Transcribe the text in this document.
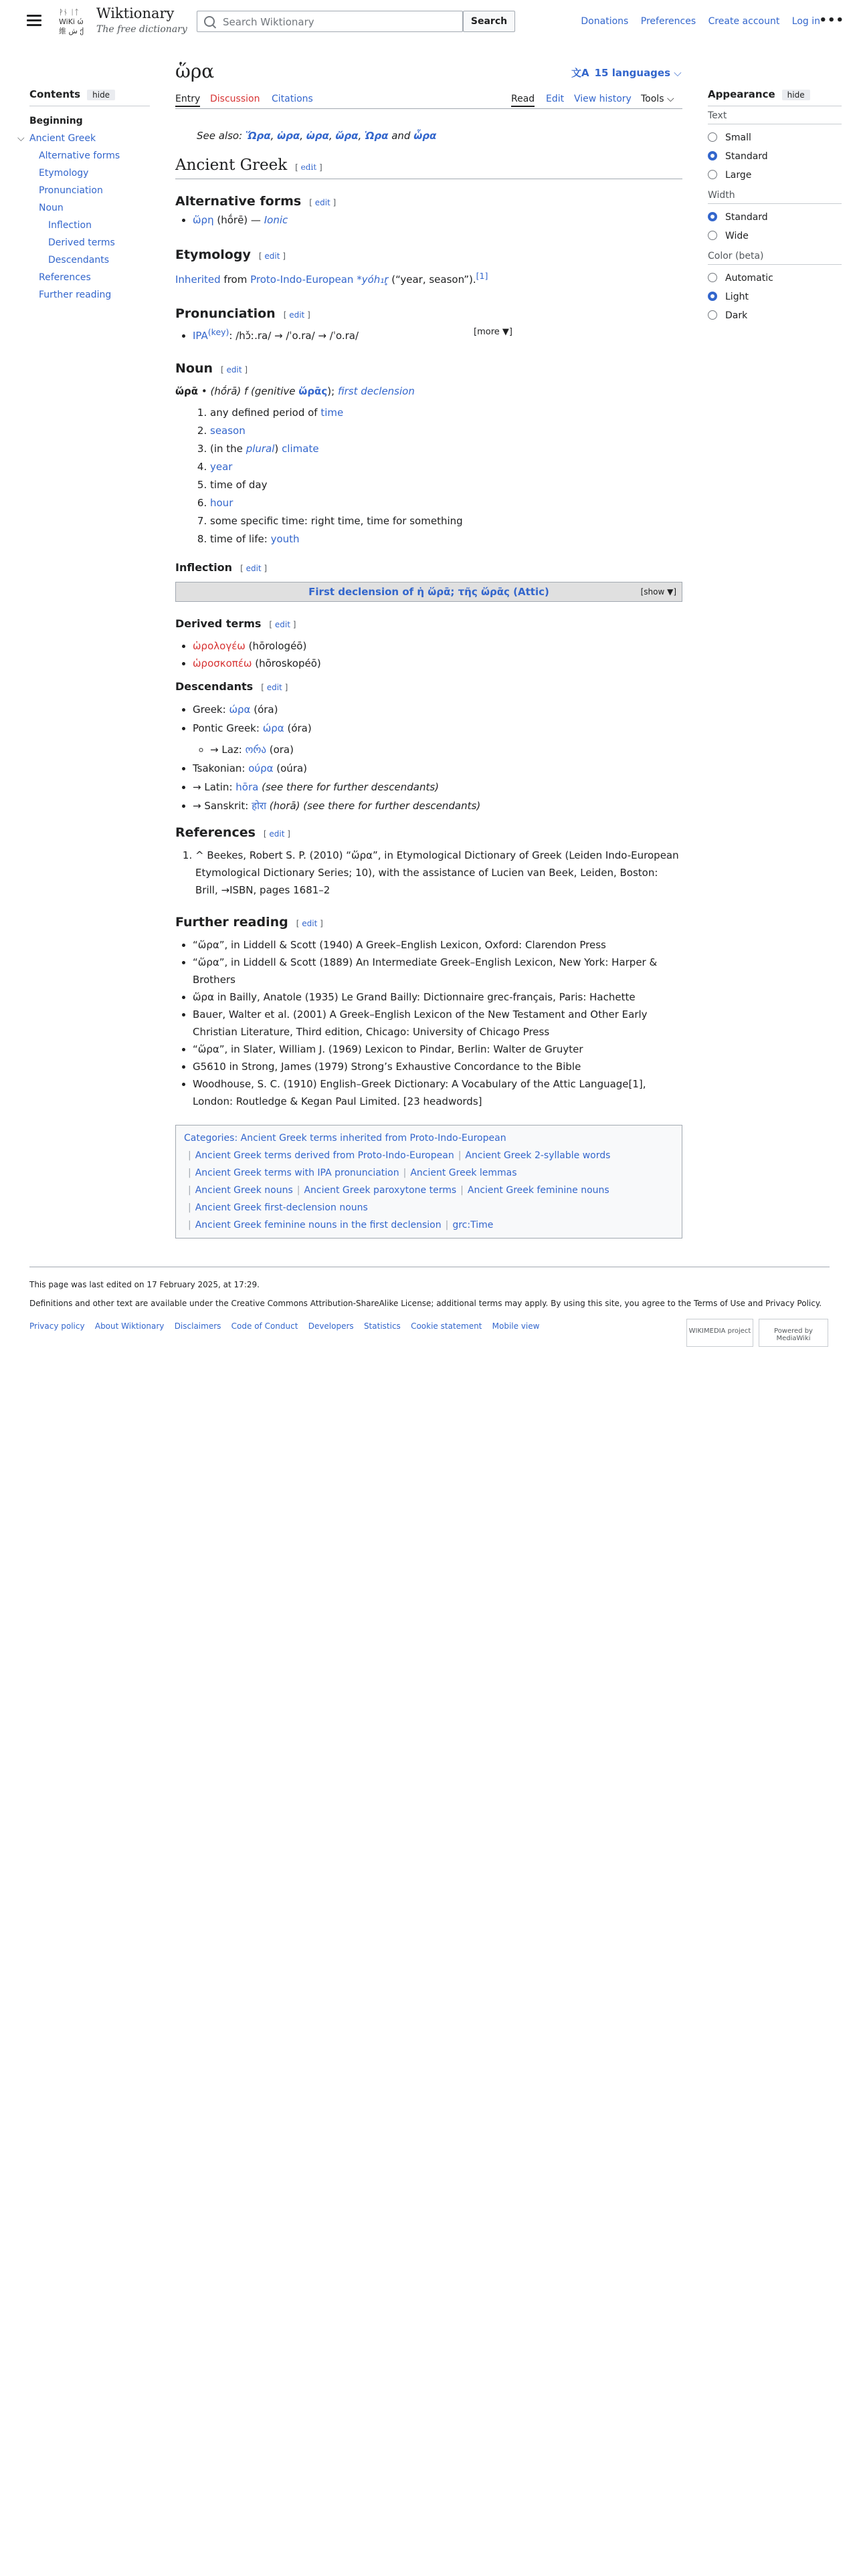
ᚹᚾ ᛁᛏ
WiKi ώ
維 ش ქ
Wiktionary
The free dictionary
Search Wiktionary
Search	Donations Preferences Create account Log in
•••
Contents hide
Beginning
⌵ Ancient Greek
Alternative forms
Etymology
Pronunciation
Noun
Inflection
Derived terms
Descendants
References
Further reading
ὥρα	文A 15 languages ⌵
Entry Discussion Citations	Read Edit View history Tools ⌵
See also: Ὥρα, ὡρα, ὠρα, ὤρα, Ὡρα and ὧρα
Ancient Greek [ edit ]
Alternative forms [ edit ]
• ὥρη (hṓrē) — Ionic
Etymology [ edit ]
Inherited from Proto-Indo-European *yóh₁r̥ (“year, season”).[1]
Pronunciation [ edit ]
• $IPA^{(key)}$: /hɔ̌ː.ra/ → /ˈo.ra/ → /ˈo.ra/	[more ▼]
Noun [ edit ]
ὥρᾱ • (hṓrā) f (genitive ὥρᾱς); first declension
1. any defined period of time
2. season
3. (in the plural) climate
4. year
5. time of day
6. hour
7. some specific time: right time, time for something
8. time of life: youth
Inflection [ edit ]
First declension of ἡ ὥρᾱ; τῆς ὥρᾱς (Attic)	[show ▼]
Derived terms [ edit ]
• ὡρολογέω (hōrologéō)
• ὡροσκοπέω (hōroskopéō)
Descendants [ edit ]
• Greek: ώρα (óra)
• Pontic Greek: ώρα (óra)
◦ → Laz: ორა (ora)
• Tsakonian: ούρα (oúra)
• → Latin: hōra (see there for further descendants)
• → Sanskrit: होरा (horā) (see there for further descendants)
References [ edit ]
1. ^ Beekes, Robert S. P. (2010) “ὥρα”, in Etymological Dictionary of Greek (Leiden Indo-European Etymological Dictionary Series; 10), with the assistance of Lucien van Beek, Leiden, Boston: Brill, →ISBN, pages 1681–2
Further reading [ edit ]
• “ὥρα”, in Liddell & Scott (1940) A Greek–English Lexicon, Oxford: Clarendon Press
• “ὥρα”, in Liddell & Scott (1889) An Intermediate Greek–English Lexicon, New York: Harper & Brothers
• ὥρα in Bailly, Anatole (1935) Le Grand Bailly: Dictionnaire grec-français, Paris: Hachette
• Bauer, Walter et al. (2001) A Greek–English Lexicon of the New Testament and Other Early Christian Literature, Third edition, Chicago: University of Chicago Press
• “ὥρα”, in Slater, William J. (1969) Lexicon to Pindar, Berlin: Walter de Gruyter
• G5610 in Strong, James (1979) Strong’s Exhaustive Concordance to the Bible
• Woodhouse, S. C. (1910) English–Greek Dictionary: A Vocabulary of the Attic Language[1], London: Routledge & Kegan Paul Limited. [23 headwords]
Categories: Ancient Greek terms inherited from Proto-Indo-European
| Ancient Greek terms derived from Proto-Indo-European | Ancient Greek 2-syllable words
| Ancient Greek terms with IPA pronunciation | Ancient Greek lemmas
| Ancient Greek nouns | Ancient Greek paroxytone terms | Ancient Greek feminine nouns
| Ancient Greek first-declension nouns
| Ancient Greek feminine nouns in the first declension | grc:Time
Appearance hide
Text
Small
Standard
Large
Width
Standard
Wide
Color (beta)
Automatic
Light
Dark
This page was last edited on 17 February 2025, at 17:29.
Definitions and other text are available under the Creative Commons Attribution-ShareAlike License; additional terms may apply. By using this site, you agree to the Terms of Use and Privacy Policy.
Privacy policy About Wiktionary Disclaimers Code of Conduct Developers Statistics Cookie statement Mobile view
WIKIMEDIA project	Powered by MediaWiki
